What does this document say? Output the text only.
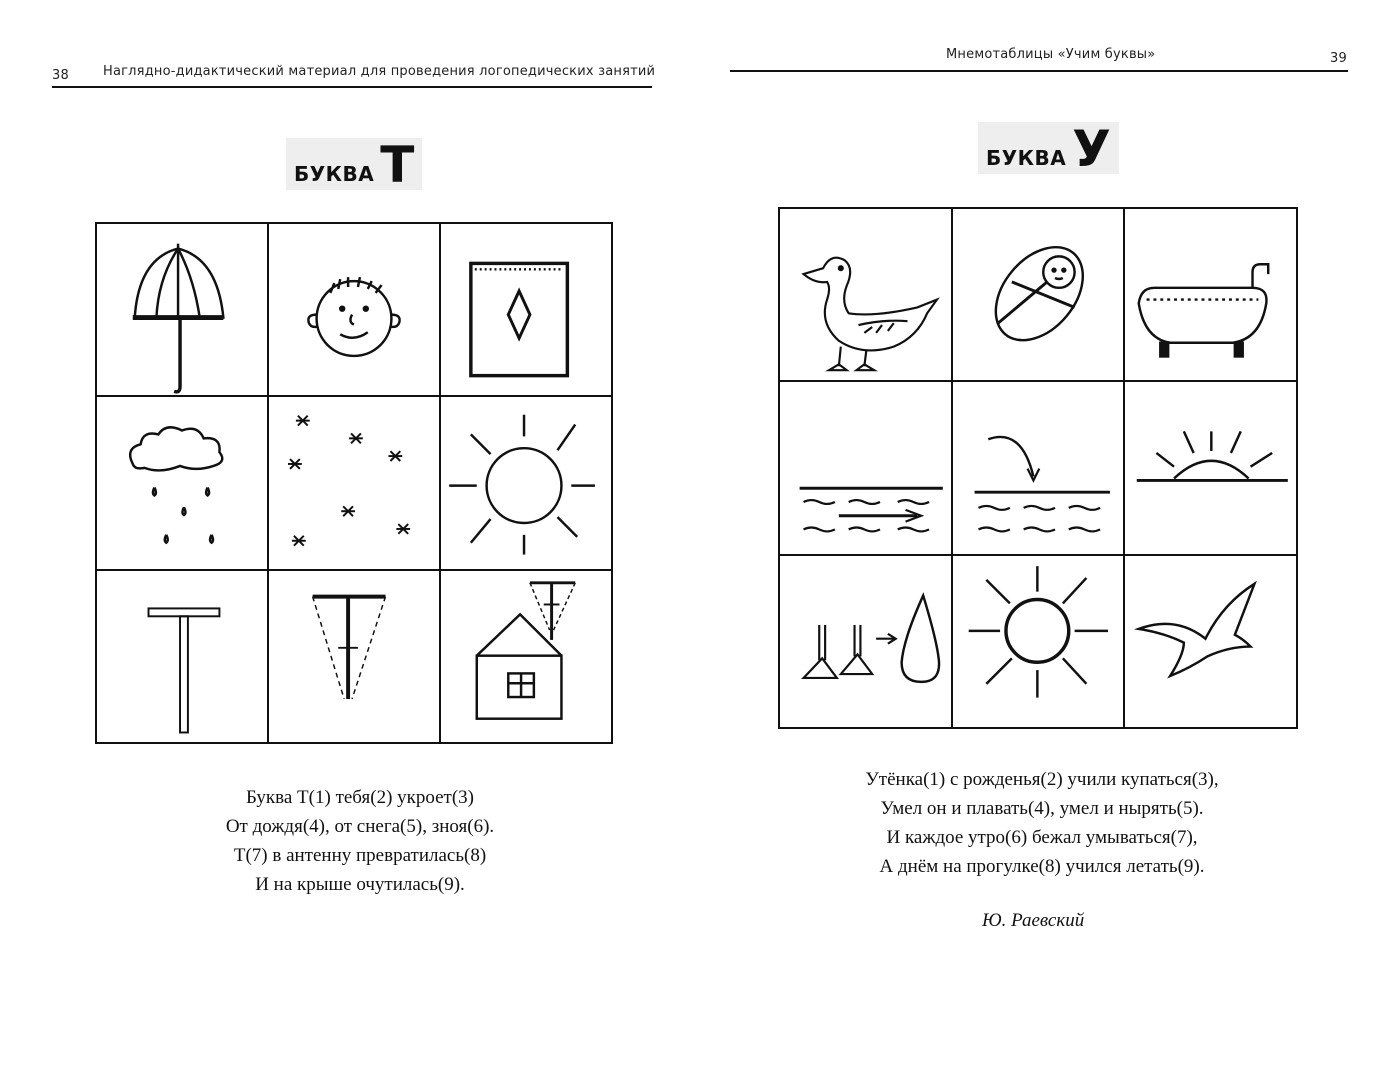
38	Наглядно-дидактический материал для проведения логопедических занятий
БУКВА Т
Буква Т(1) тебя(2) укроет(3)
От дождя(4), от снега(5), зноя(6).
Т(7) в антенну превратилась(8)
И на крыше очутилась(9).
Мнемотаблицы «Учим буквы»	39
БУКВА У
Утёнка(1) с рожденья(2) учили купаться(3),
Умел он и плавать(4), умел и нырять(5).
И каждое утро(6) бежал умываться(7),
А днём на прогулке(8) учился летать(9).
Ю. Раевский
